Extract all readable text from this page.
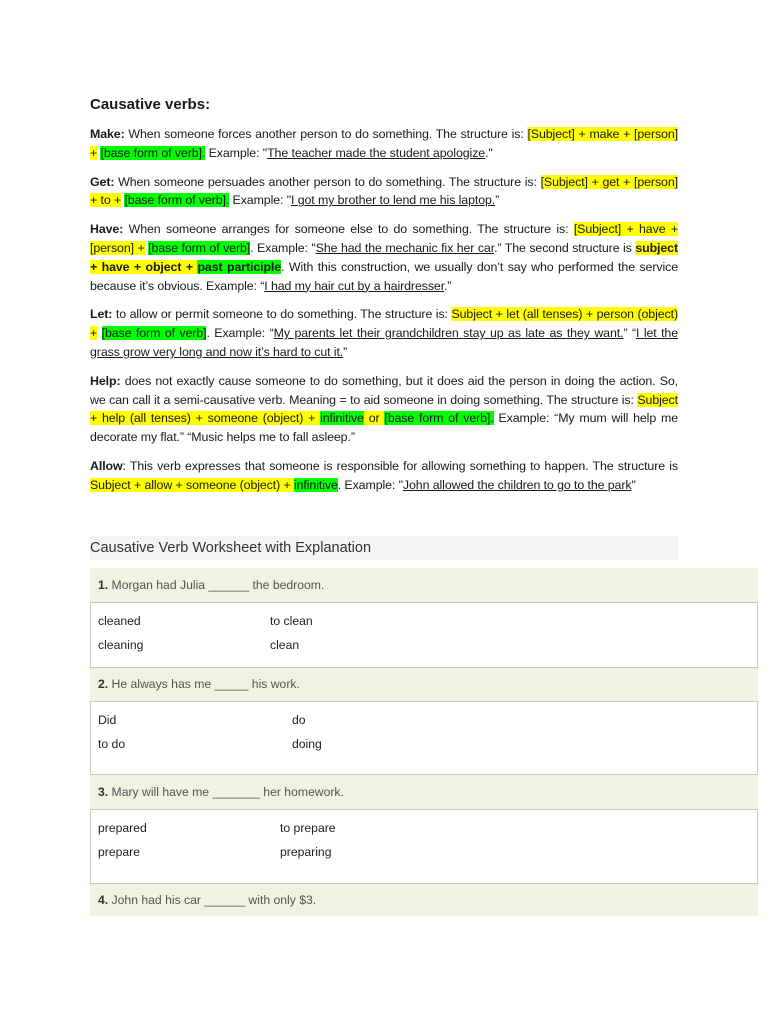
Causative verbs:

Make: When someone forces another person to do something. The structure is: [Subject] + make + [person] + [base form of verb]. Example: "The teacher made the student apologize."

Get: When someone persuades another person to do something. The structure is: [Subject] + get + [person] + to + [base form of verb]. Example: "I got my brother to lend me his laptop.”

Have: When someone arranges for someone else to do something. The structure is: [Subject] + have + [person] + [base form of verb]. Example: "She had the mechanic fix her car.” The second structure is subject + have + object + past participle. With this construction, we usually don’t say who performed the service because it’s obvious. Example: “I had my hair cut by a hairdresser.”

Let: to allow or permit someone to do something. The structure is: Subject + let (all tenses) + person (object) + [base form of verb]. Example: “My parents let their grandchildren stay up as late as they want.” “I let the grass grow very long and now it’s hard to cut it.”

Help: does not exactly cause someone to do something, but it does aid the person in doing the action. So, we can call it a semi-causative verb. Meaning = to aid someone in doing something. The structure is: Subject + help (all tenses) + someone (object) + infinitive or [base form of verb]. Example: “My mum will help me decorate my flat.” “Music helps me to fall asleep.”

Allow: This verb expresses that someone is responsible for allowing something to happen. The structure is Subject + allow + someone (object) + infinitive. Example: "John allowed the children to go to the park"

Causative Verb Worksheet with Explanation
1. Morgan had Julia ______ the bedroom.
cleaned	to clean
cleaning	clean
2. He always has me _____ his work.
Did	do
to do	doing
3. Mary will have me _______ her homework.
prepared	to prepare
prepare	preparing
4. John had his car ______ with only $3.
